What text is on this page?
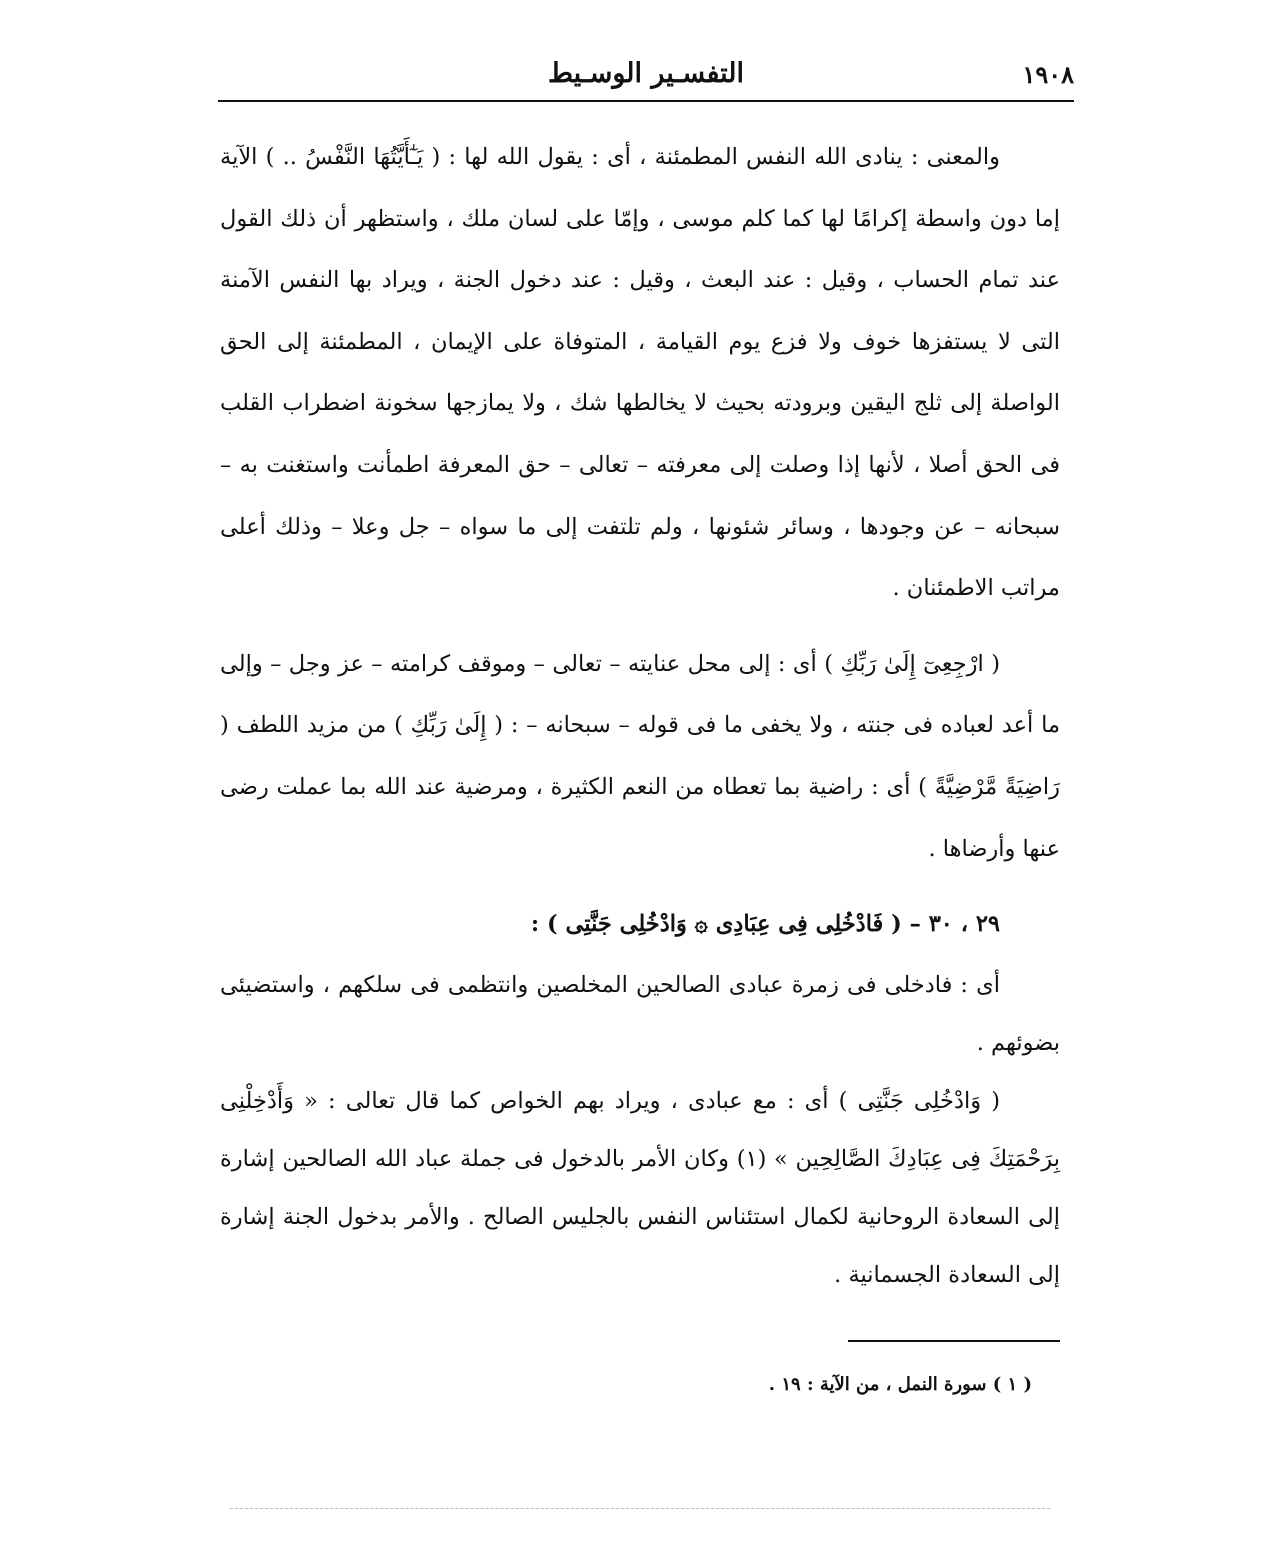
١٩٠٨
التفسـير الوسـيط

والمعنى : ينادى الله النفس المطمئنة ، أى : يقول الله لها : ( يَـٰٓأَيَّتُهَا النَّفْسُ .. ) الآية إما دون واسطة إكرامًا لها كما كلم موسى ، وإمّا على لسان ملك ، واستظهر أن ذلك القول عند تمام الحساب ، وقيل : عند البعث ، وقيل : عند دخول الجنة ، ويراد بها النفس الآمنة التى لا يستفزها خوف ولا فزع يوم القيامة ، المتوفاة على الإيمان ، المطمئنة إلى الحق الواصلة إلى ثلج اليقين وبرودته بحيث لا يخالطها شك ، ولا يمازجها سخونة اضطراب القلب فى الحق أصلا ، لأنها إذا وصلت إلى معرفته – تعالى – حق المعرفة اطمأنت واستغنت به – سبحانه – عن وجودها ، وسائر شئونها ، ولم تلتفت إلى ما سواه – جل وعلا – وذلك أعلى مراتب الاطمئنان .

( ارْجِعِىٓ إِلَىٰ رَبِّكِ ) أى : إلى محل عنايته – تعالى – وموقف كرامته – عز وجل – وإلى ما أعد لعباده فى جنته ، ولا يخفى ما فى قوله – سبحانه – : ( إِلَىٰ رَبِّكِ ) من مزيد اللطف ( رَاضِيَةً مَّرْضِيَّةً ) أى : راضية بما تعطاه من النعم الكثيرة ، ومرضية عند الله بما عملت رضى عنها وأرضاها .

٢٩ ، ٣٠ – ( فَادْخُلِى فِى عِبَادِى ۞ وَادْخُلِى جَنَّتِى ) :

أى : فادخلى فى زمرة عبادى الصالحين المخلصين وانتظمى فى سلكهم ، واستضيئى بضوئهم .

( وَادْخُلِى جَنَّتِى ) أى : مع عبادى ، ويراد بهم الخواص كما قال تعالى : « وَأَدْخِلْنِى بِرَحْمَتِكَ فِى عِبَادِكَ الصَّالِحِين » (١) وكان الأمر بالدخول فى جملة عباد الله الصالحين إشارة إلى السعادة الروحانية لكمال استئناس النفس بالجليس الصالح . والأمر بدخول الجنة إشارة إلى السعادة الجسمانية .

( ١ ) سورة النمل ، من الآية : ١٩ .
